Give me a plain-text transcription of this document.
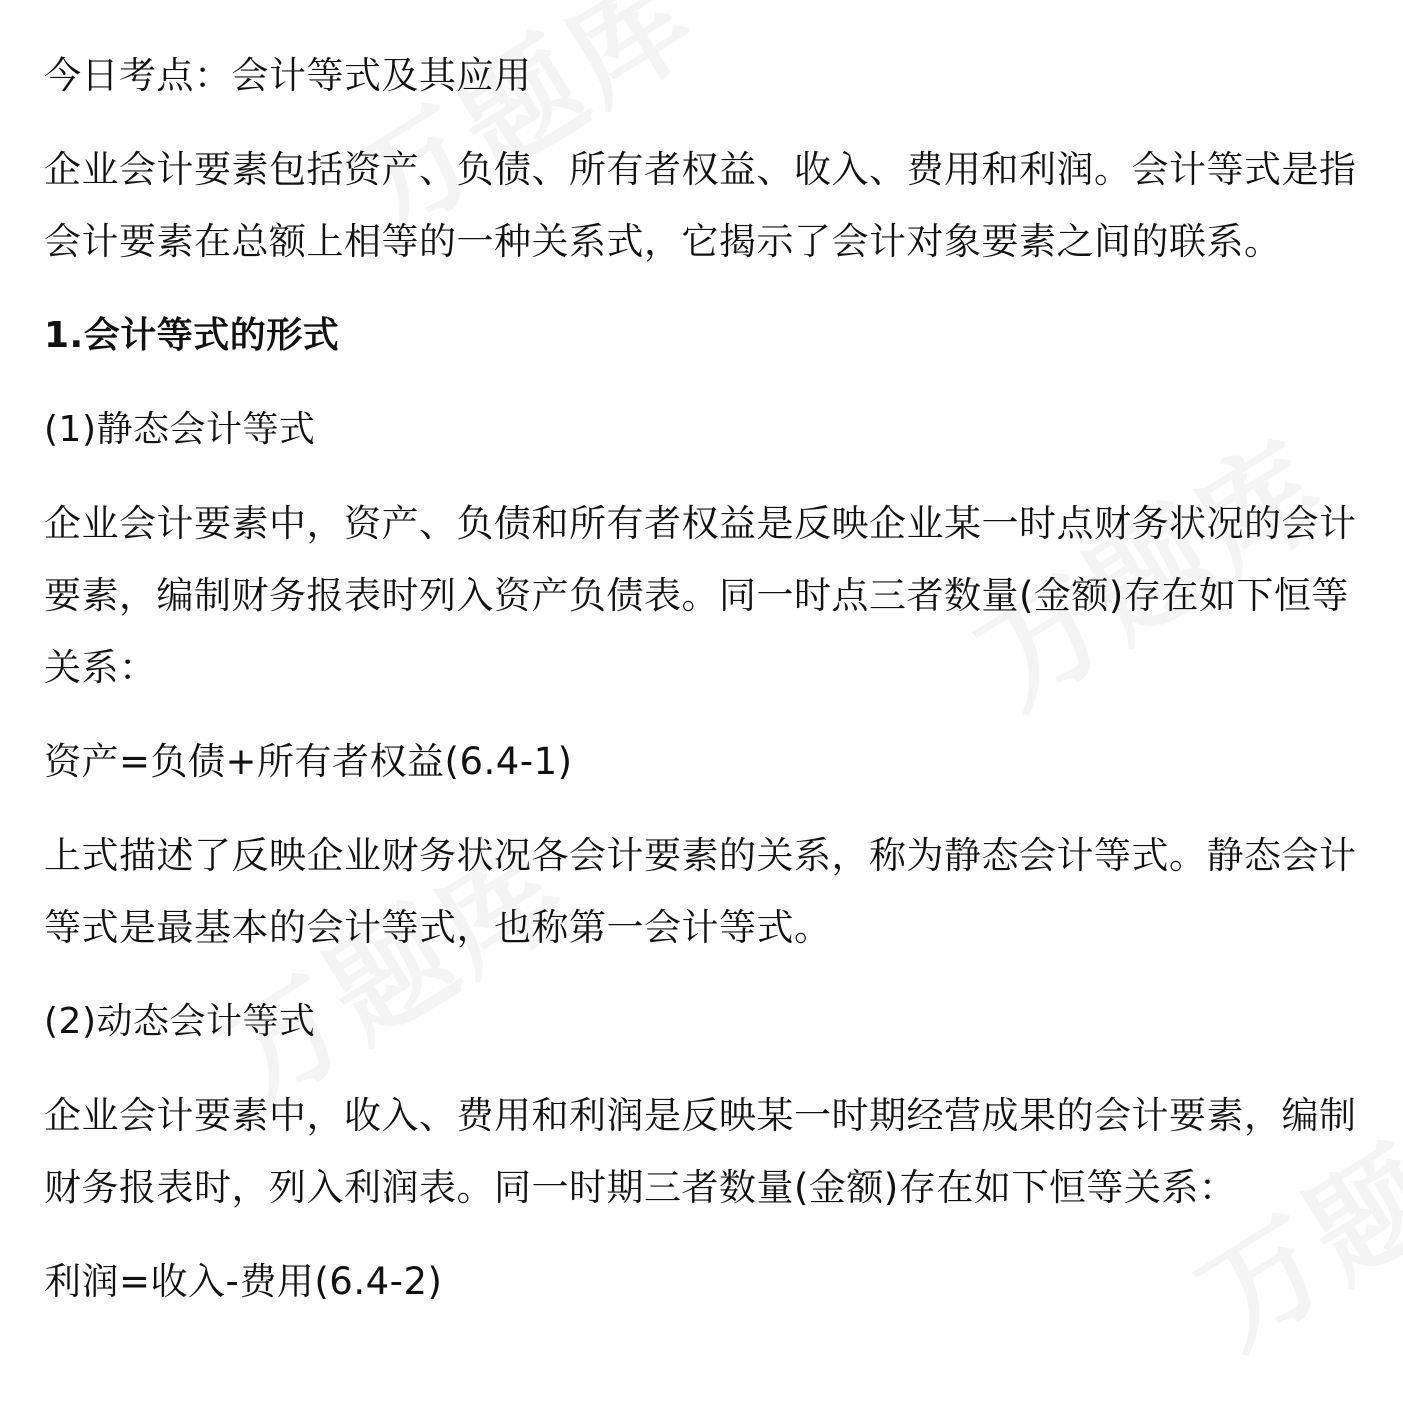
今日考点：会计等式及其应用

企业会计要素包括资产、负债、所有者权益、收入、费用和利润。会计等式是指会计要素在总额上相等的一种关系式，它揭示了会计对象要素之间的联系。

1.会计等式的形式

(1)静态会计等式

企业会计要素中，资产、负债和所有者权益是反映企业某一时点财务状况的会计要素，编制财务报表时列入资产负债表。同一时点三者数量(金额)存在如下恒等关系：

资产=负债+所有者权益(6.4-1)

上式描述了反映企业财务状况各会计要素的关系，称为静态会计等式。静态会计等式是最基本的会计等式，也称第一会计等式。

(2)动态会计等式

企业会计要素中，收入、费用和利润是反映某一时期经营成果的会计要素，编制财务报表时，列入利润表。同一时期三者数量(金额)存在如下恒等关系：

利润=收入-费用(6.4-2)
